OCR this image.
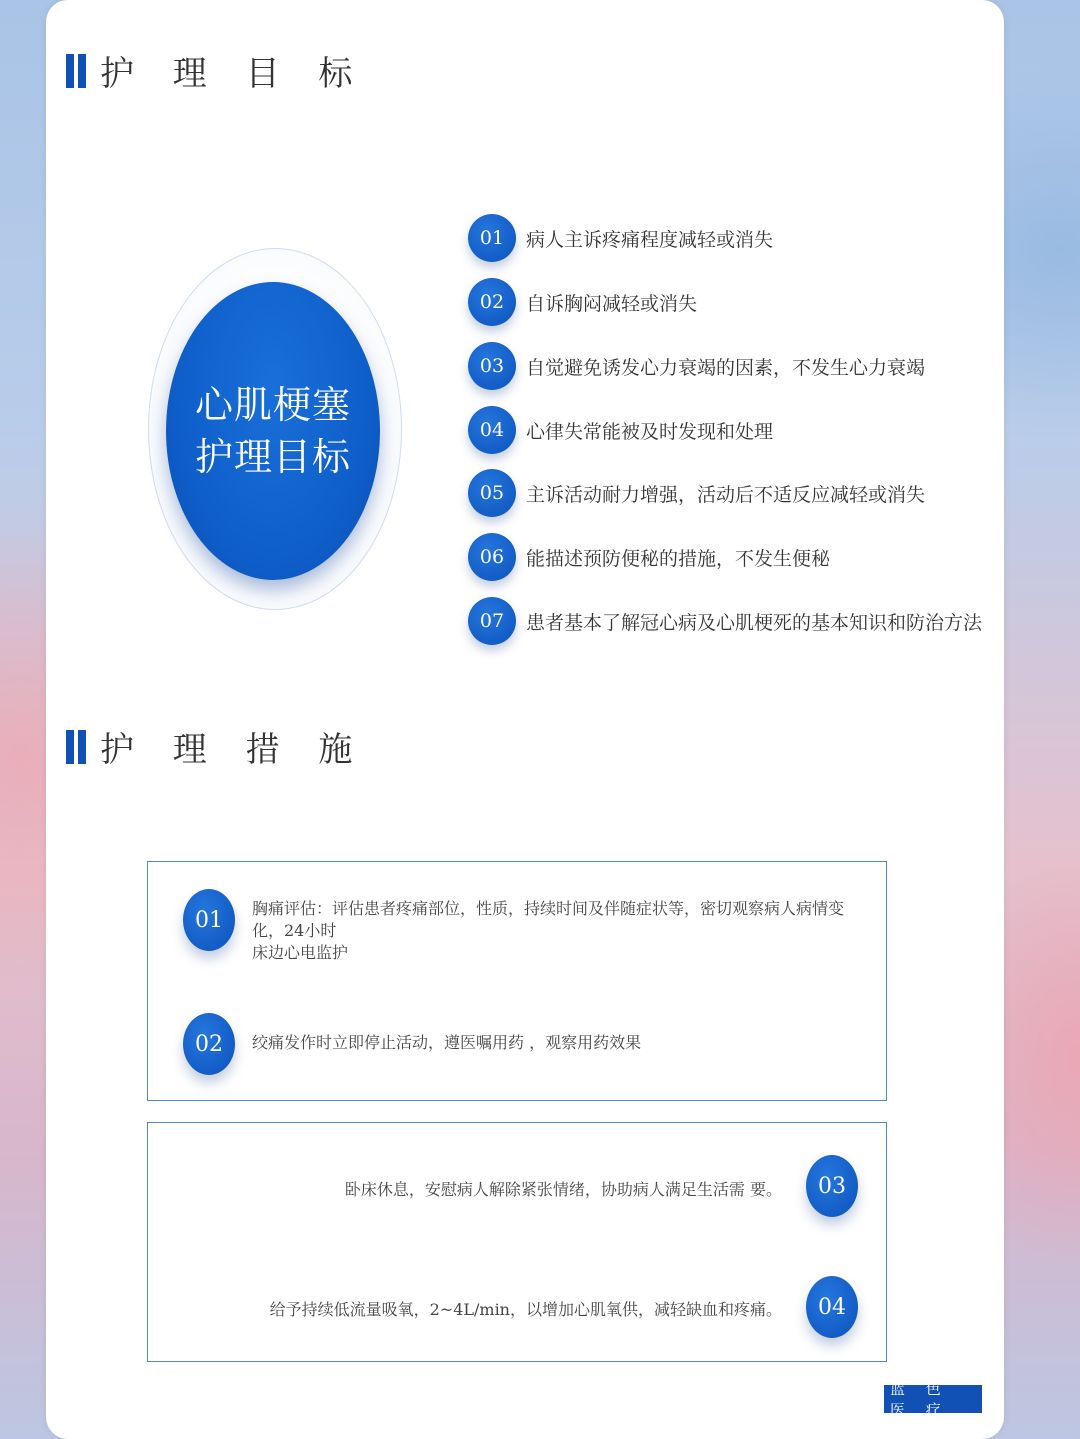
护 理 目 标
心肌梗塞
护理目标
01	病人主诉疼痛程度减轻或消失
02	自诉胸闷减轻或消失
03	自觉避免诱发心力衰竭的因素，不发生心力衰竭
04	心律失常能被及时发现和处理
05	主诉活动耐力增强，活动后不适反应减轻或消失
06	能描述预防便秘的措施，不发生便秘
07	患者基本了解冠心病及心肌梗死的基本知识和防治方法
护 理 措 施
01	胸痛评估：评估患者疼痛部位，性质，持续时间及伴随症状等，密切观察病人病情变化，24小时
床边心电监护
02	绞痛发作时立即停止活动，遵医嘱用药 ，观察用药效果
卧床休息，安慰病人解除紧张情绪，协助病人满足生活需 要。	03
给予持续低流量吸氧，2~4L/min，以增加心肌氧供，减轻缺血和疼痛。	04
蓝 色 医 疗
